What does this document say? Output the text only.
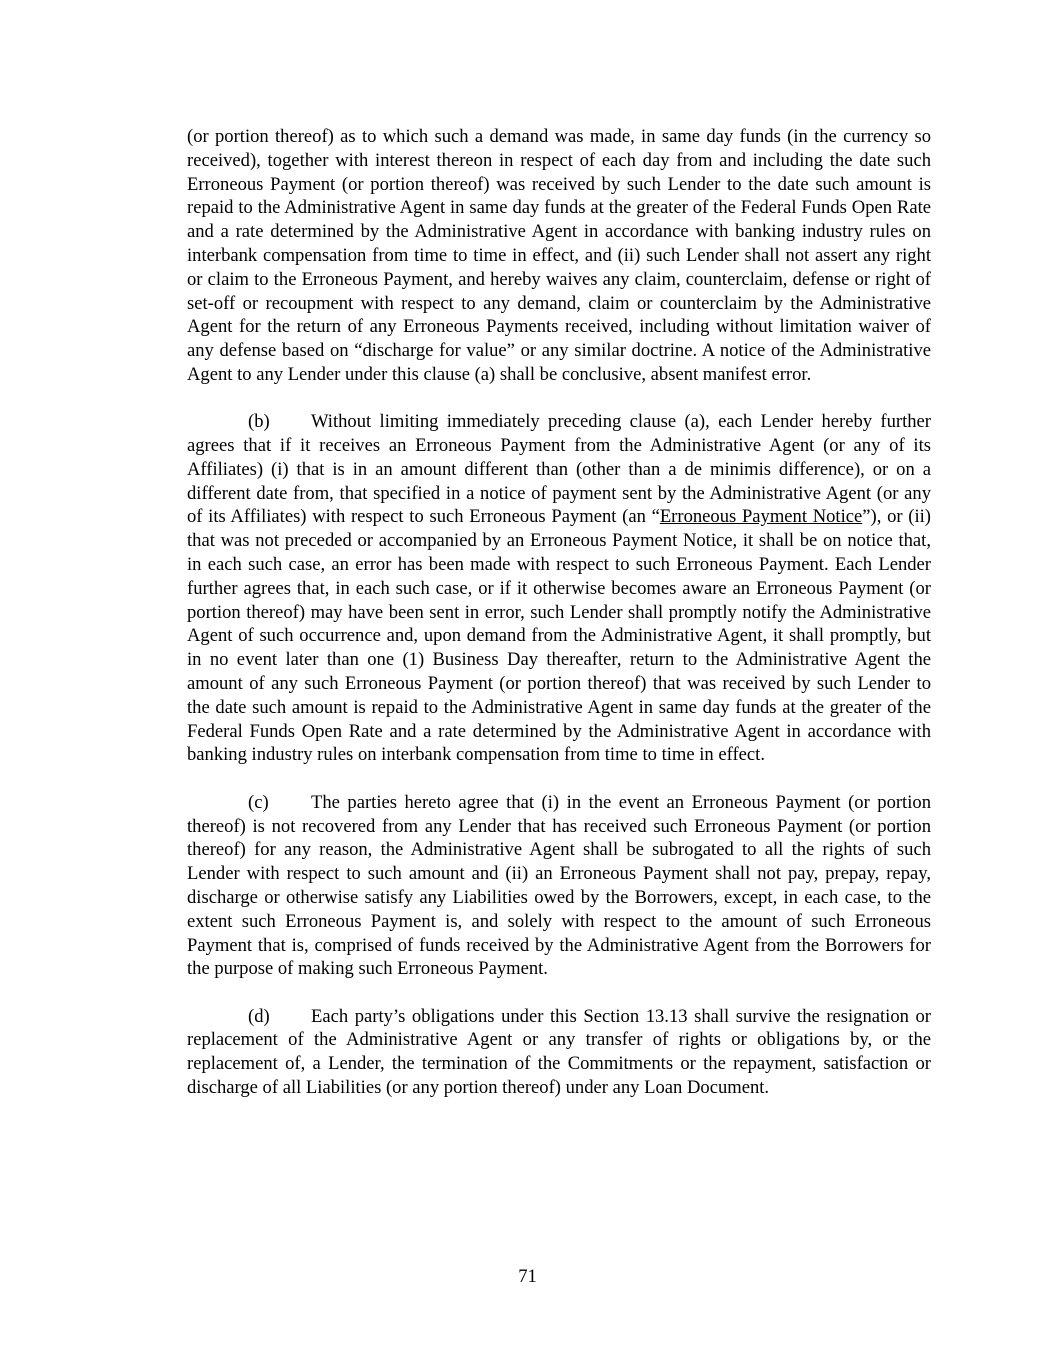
(or portion thereof) as to which such a demand was made, in same day funds (in the currency so received), together with interest thereon in respect of each day from and including the date such Erroneous Payment (or portion thereof) was received by such Lender to the date such amount is repaid to the Administrative Agent in same day funds at the greater of the Federal Funds Open Rate and a rate determined by the Administrative Agent in accordance with banking industry rules on interbank compensation from time to time in effect, and (ii) such Lender shall not assert any right or claim to the Erroneous Payment, and hereby waives any claim, counterclaim, defense or right of set-off or recoupment with respect to any demand, claim or counterclaim by the Administrative Agent for the return of any Erroneous Payments received, including without limitation waiver of any defense based on “discharge for value” or any similar doctrine. A notice of the Administrative Agent to any Lender under this clause (a) shall be conclusive, absent manifest error.

(b) Without limiting immediately preceding clause (a), each Lender hereby further agrees that if it receives an Erroneous Payment from the Administrative Agent (or any of its Affiliates) (i) that is in an amount different than (other than a de minimis difference), or on a different date from, that specified in a notice of payment sent by the Administrative Agent (or any of its Affiliates) with respect to such Erroneous Payment (an “Erroneous Payment Notice”), or (ii) that was not preceded or accompanied by an Erroneous Payment Notice, it shall be on notice that, in each such case, an error has been made with respect to such Erroneous Payment. Each Lender further agrees that, in each such case, or if it otherwise becomes aware an Erroneous Payment (or portion thereof) may have been sent in error, such Lender shall promptly notify the Administrative Agent of such occurrence and, upon demand from the Administrative Agent, it shall promptly, but in no event later than one (1) Business Day thereafter, return to the Administrative Agent the amount of any such Erroneous Payment (or portion thereof) that was received by such Lender to the date such amount is repaid to the Administrative Agent in same day funds at the greater of the Federal Funds Open Rate and a rate determined by the Administrative Agent in accordance with banking industry rules on interbank compensation from time to time in effect.

(c) The parties hereto agree that (i) in the event an Erroneous Payment (or portion thereof) is not recovered from any Lender that has received such Erroneous Payment (or portion thereof) for any reason, the Administrative Agent shall be subrogated to all the rights of such Lender with respect to such amount and (ii) an Erroneous Payment shall not pay, prepay, repay, discharge or otherwise satisfy any Liabilities owed by the Borrowers, except, in each case, to the extent such Erroneous Payment is, and solely with respect to the amount of such Erroneous Payment that is, comprised of funds received by the Administrative Agent from the Borrowers for the purpose of making such Erroneous Payment.

(d) Each party’s obligations under this Section 13.13 shall survive the resignation or replacement of the Administrative Agent or any transfer of rights or obligations by, or the replacement of, a Lender, the termination of the Commitments or the repayment, satisfaction or discharge of all Liabilities (or any portion thereof) under any Loan Document.

71
